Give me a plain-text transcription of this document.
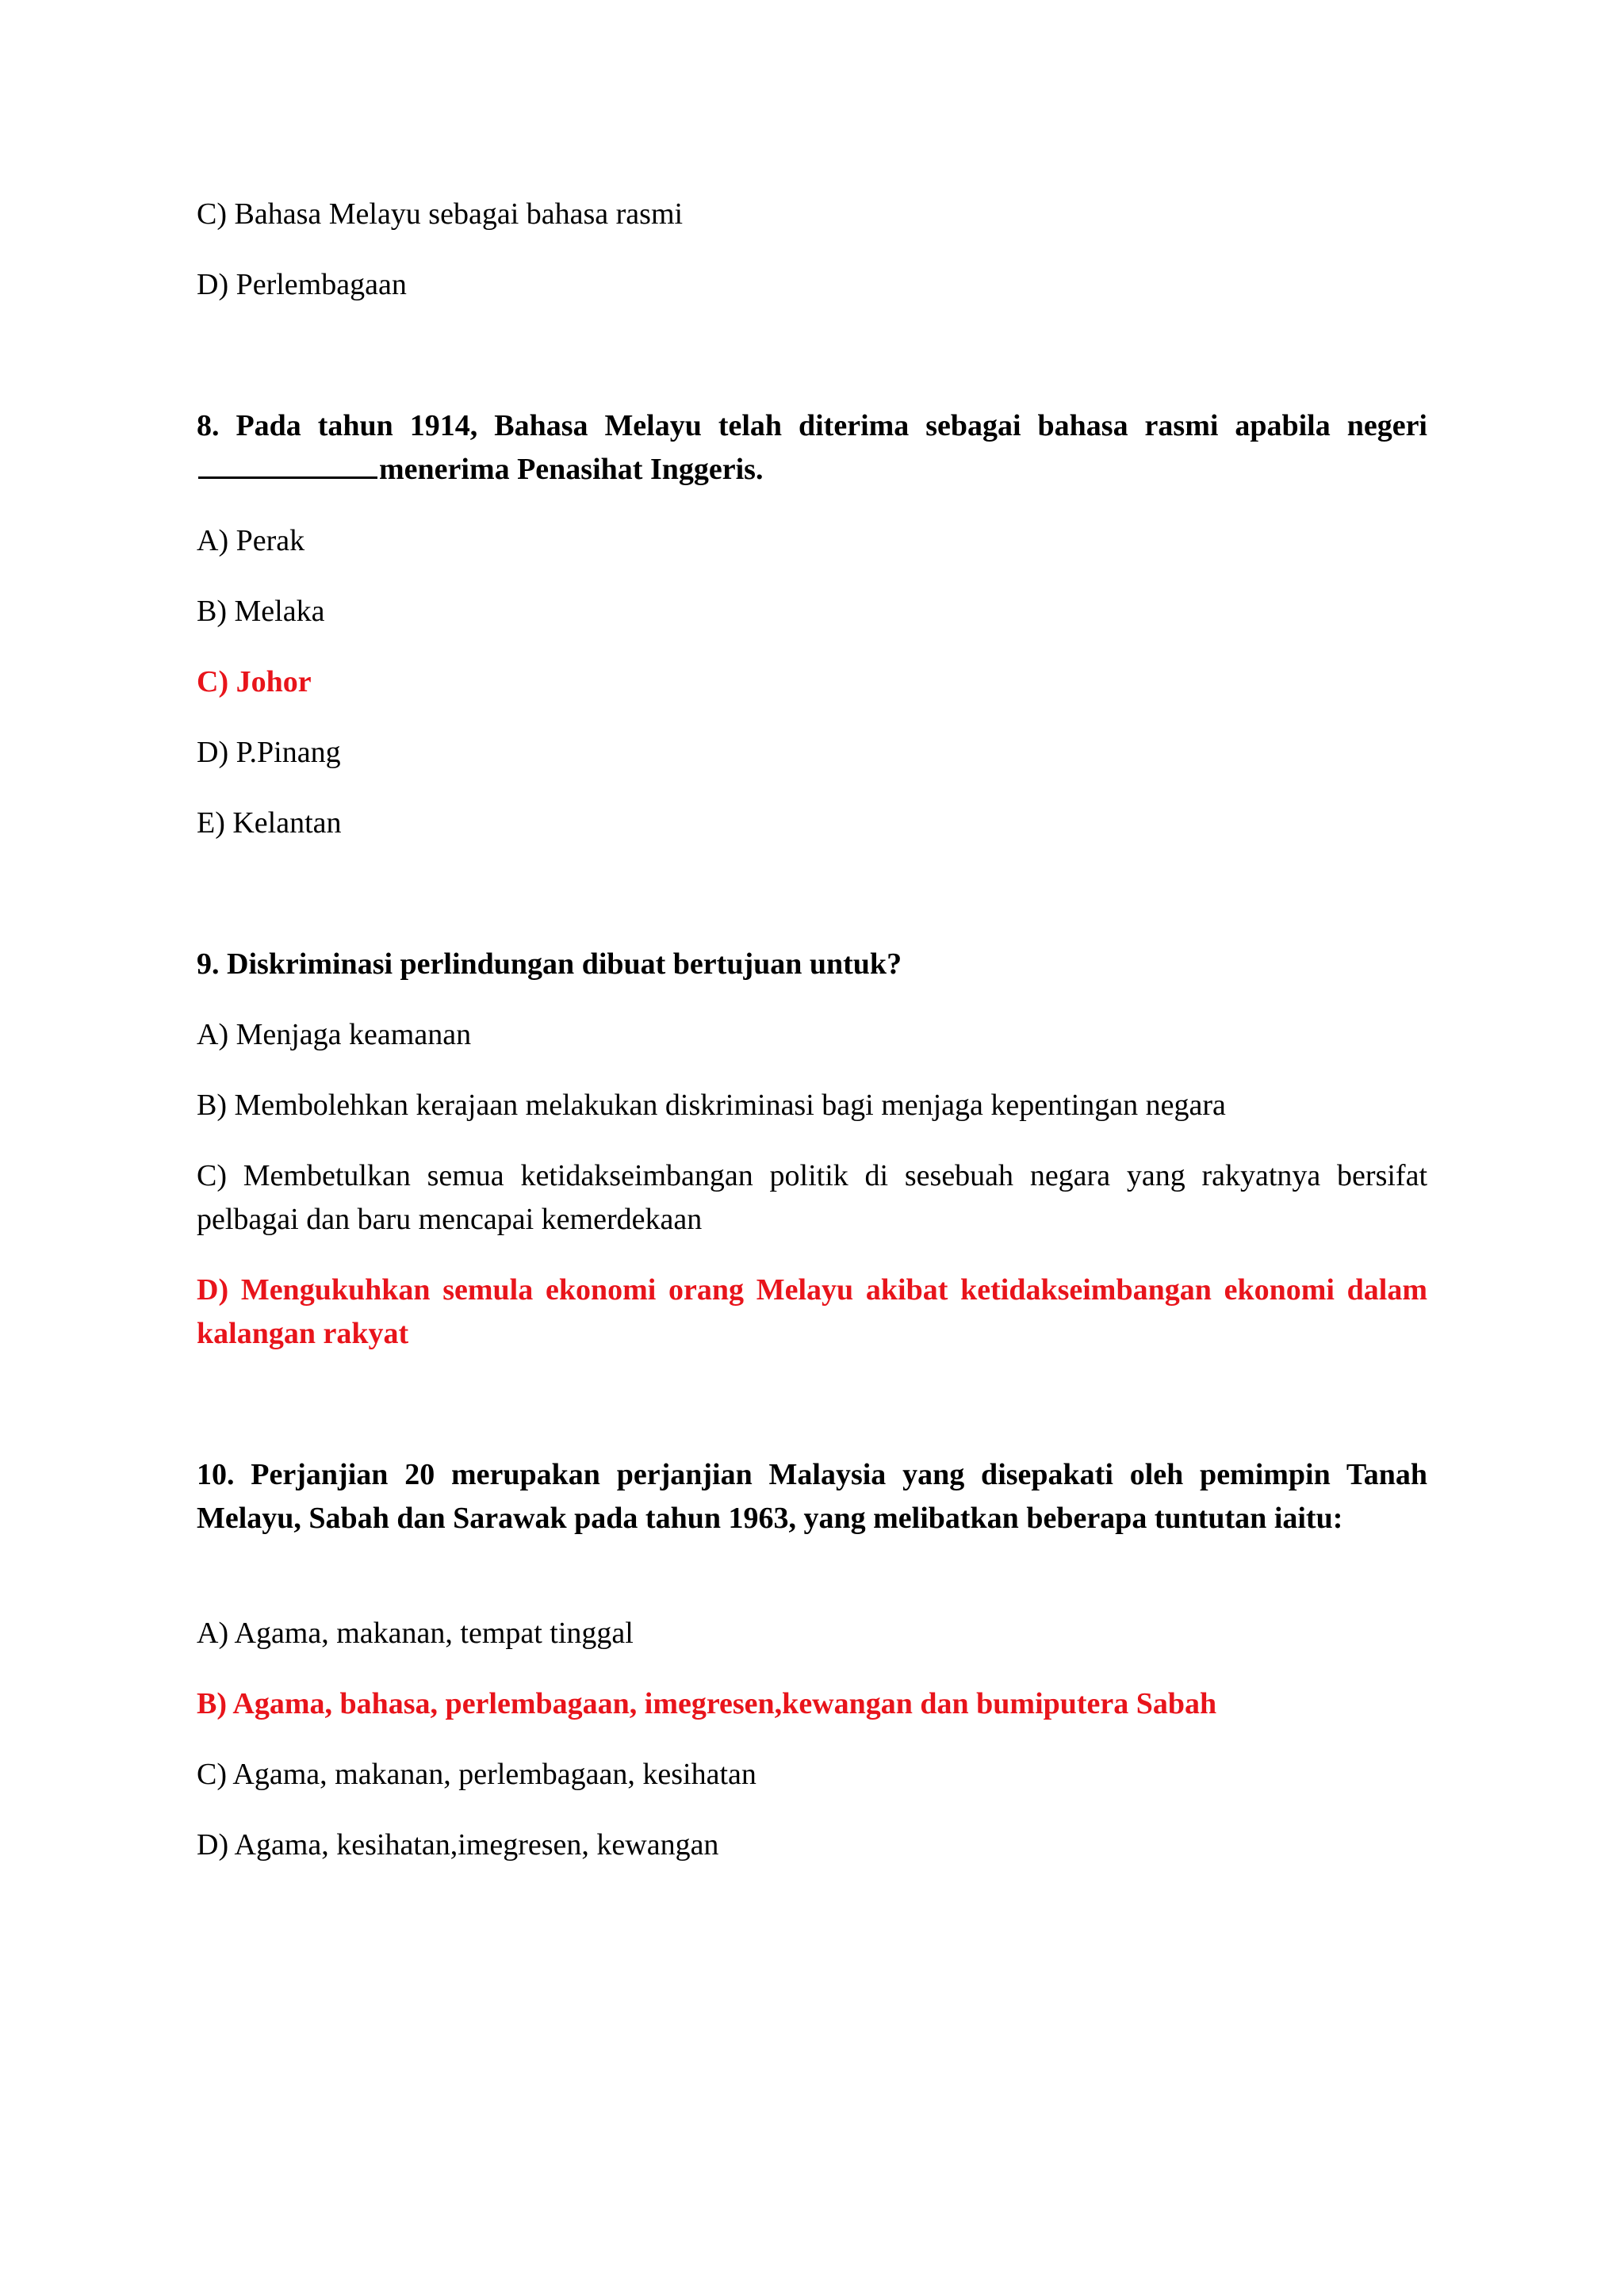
C) Bahasa Melayu sebagai bahasa rasmi

D) Perlembagaan

8. Pada tahun 1914, Bahasa Melayu telah diterima sebagai bahasa rasmi apabila negerimenerima Penasihat Inggeris.

A) Perak

B) Melaka

C) Johor

D) P.Pinang

E) Kelantan

9. Diskriminasi perlindungan dibuat bertujuan untuk?

A) Menjaga keamanan

B) Membolehkan kerajaan melakukan diskriminasi bagi menjaga kepentingan negara

C) Membetulkan semua ketidakseimbangan politik di sesebuah negara yang rakyatnya bersifat pelbagai dan baru mencapai kemerdekaan

D) Mengukuhkan semula ekonomi orang Melayu akibat ketidakseimbangan ekonomi dalam kalangan rakyat

10. Perjanjian 20 merupakan perjanjian Malaysia yang disepakati oleh pemimpin Tanah Melayu, Sabah dan Sarawak pada tahun 1963, yang melibatkan beberapa tuntutan iaitu:

A) Agama, makanan, tempat tinggal

B) Agama, bahasa, perlembagaan, imegresen,kewangan dan bumiputera Sabah

C) Agama, makanan, perlembagaan, kesihatan

D) Agama, kesihatan,imegresen, kewangan
